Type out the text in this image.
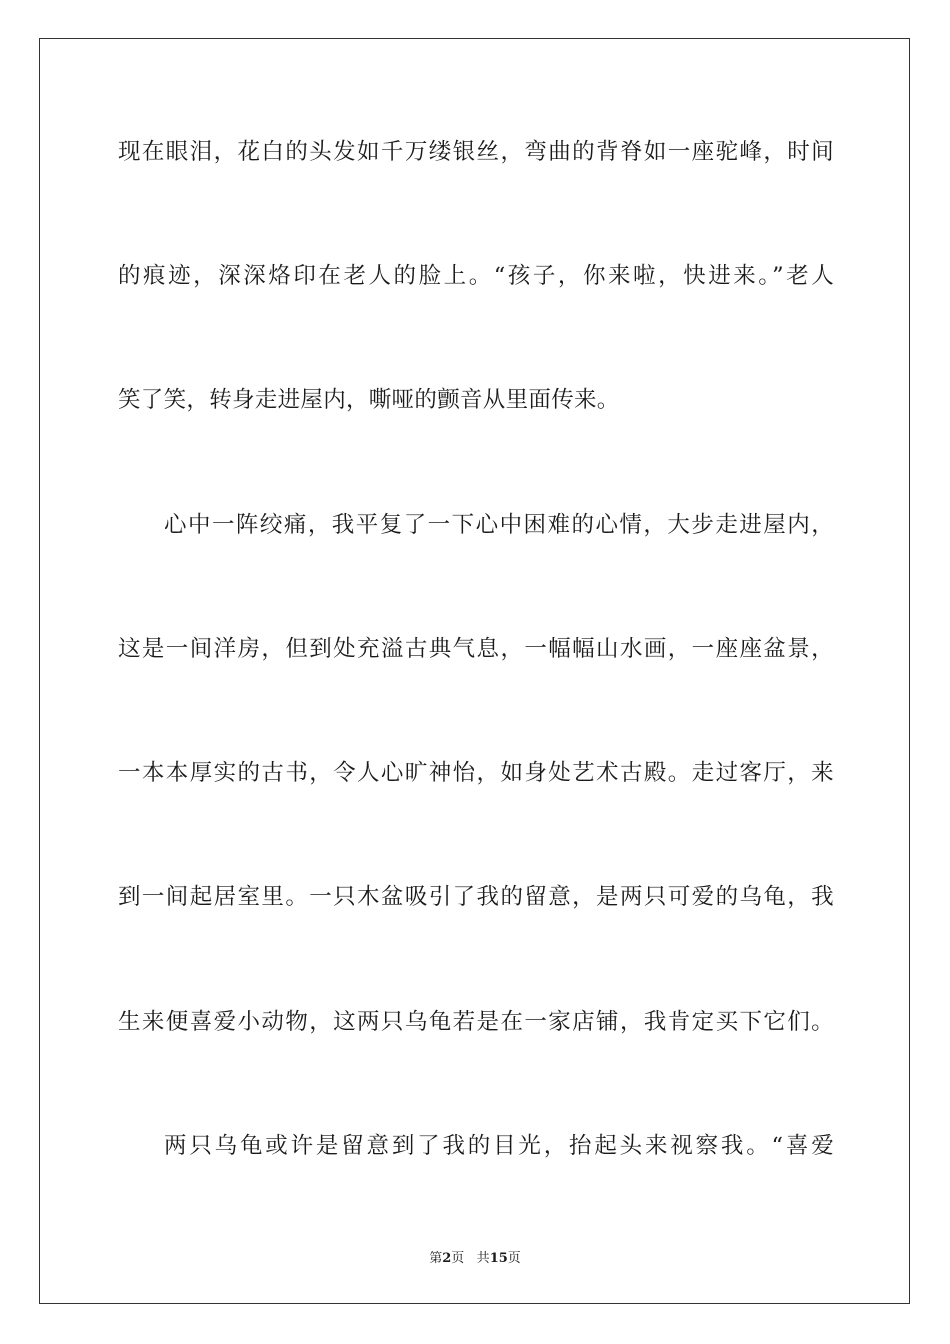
现在眼泪，花白的头发如千万缕银丝，弯曲的背脊如一座驼峰，时间
的痕迹，深深烙印在老人的脸上。“孩子，你来啦，快进来。”老人
笑了笑，转身走进屋内，嘶哑的颤音从里面传来。
心中一阵绞痛，我平复了一下心中困难的心情，大步走进屋内，
这是一间洋房，但到处充溢古典气息，一幅幅山水画，一座座盆景，
一本本厚实的古书，令人心旷神怡，如身处艺术古殿。走过客厅，来
到一间起居室里。一只木盆吸引了我的留意，是两只可爱的乌龟，我
生来便喜爱小动物，这两只乌龟若是在一家店铺，我肯定买下它们。
两只乌龟或许是留意到了我的目光，抬起头来视察我。“喜爱
第2页 共15页
